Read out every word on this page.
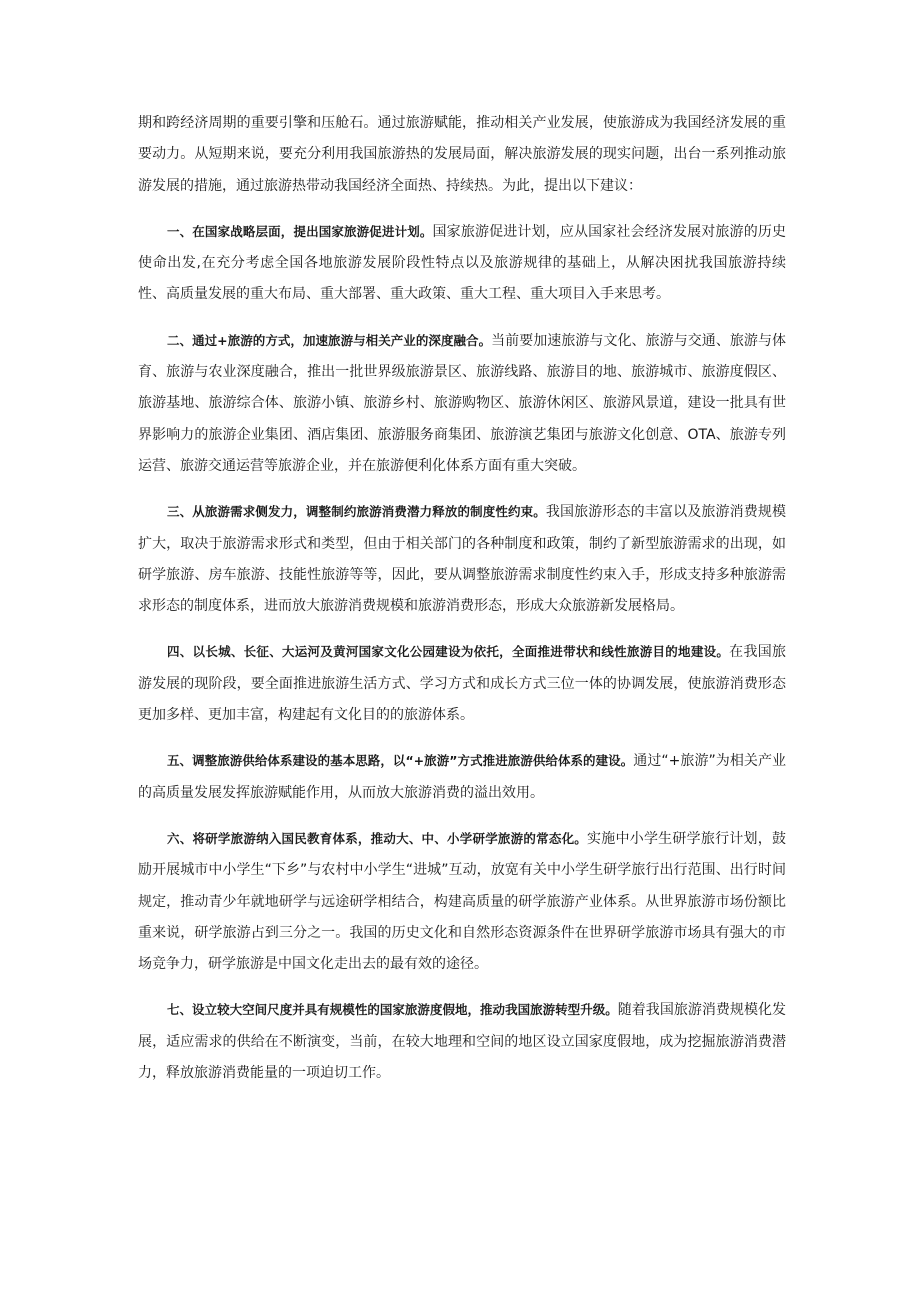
期和跨经济周期的重要引擎和压舱石。通过旅游赋能，推动相关产业发展，使旅游成为我国经济发展的重要动力。从短期来说，要充分利用我国旅游热的发展局面，解决旅游发展的现实问题，出台一系列推动旅游发展的措施，通过旅游热带动我国经济全面热、持续热。为此，提出以下建议：

一、在国家战略层面，提出国家旅游促进计划。国家旅游促进计划，应从国家社会经济发展对旅游的历史使命出发,在充分考虑全国各地旅游发展阶段性特点以及旅游规律的基础上，从解决困扰我国旅游持续性、高质量发展的重大布局、重大部署、重大政策、重大工程、重大项目入手来思考。

二、通过+旅游的方式，加速旅游与相关产业的深度融合。当前要加速旅游与文化、旅游与交通、旅游与体育、旅游与农业深度融合，推出一批世界级旅游景区、旅游线路、旅游目的地、旅游城市、旅游度假区、旅游基地、旅游综合体、旅游小镇、旅游乡村、旅游购物区、旅游休闲区、旅游风景道，建设一批具有世界影响力的旅游企业集团、酒店集团、旅游服务商集团、旅游演艺集团与旅游文化创意、OTA、旅游专列运营、旅游交通运营等旅游企业，并在旅游便利化体系方面有重大突破。

三、从旅游需求侧发力，调整制约旅游消费潜力释放的制度性约束。我国旅游形态的丰富以及旅游消费规模扩大，取决于旅游需求形式和类型，但由于相关部门的各种制度和政策，制约了新型旅游需求的出现，如研学旅游、房车旅游、技能性旅游等等，因此，要从调整旅游需求制度性约束入手，形成支持多种旅游需求形态的制度体系，进而放大旅游消费规模和旅游消费形态，形成大众旅游新发展格局。

四、以长城、长征、大运河及黄河国家文化公园建设为依托，全面推进带状和线性旅游目的地建设。在我国旅游发展的现阶段，要全面推进旅游生活方式、学习方式和成长方式三位一体的协调发展，使旅游消费形态更加多样、更加丰富，构建起有文化目的的旅游体系。

五、调整旅游供给体系建设的基本思路，以“+旅游”方式推进旅游供给体系的建设。通过“+旅游”为相关产业的高质量发展发挥旅游赋能作用，从而放大旅游消费的溢出效用。

六、将研学旅游纳入国民教育体系，推动大、中、小学研学旅游的常态化。实施中小学生研学旅行计划，鼓励开展城市中小学生“下乡”与农村中小学生“进城”互动，放宽有关中小学生研学旅行出行范围、出行时间规定，推动青少年就地研学与远途研学相结合，构建高质量的研学旅游产业体系。从世界旅游市场份额比重来说，研学旅游占到三分之一。我国的历史文化和自然形态资源条件在世界研学旅游市场具有强大的市场竞争力，研学旅游是中国文化走出去的最有效的途径。

七、设立较大空间尺度并具有规模性的国家旅游度假地，推动我国旅游转型升级。随着我国旅游消费规模化发展，适应需求的供给在不断演变，当前，在较大地理和空间的地区设立国家度假地，成为挖掘旅游消费潜力，释放旅游消费能量的一项迫切工作。
